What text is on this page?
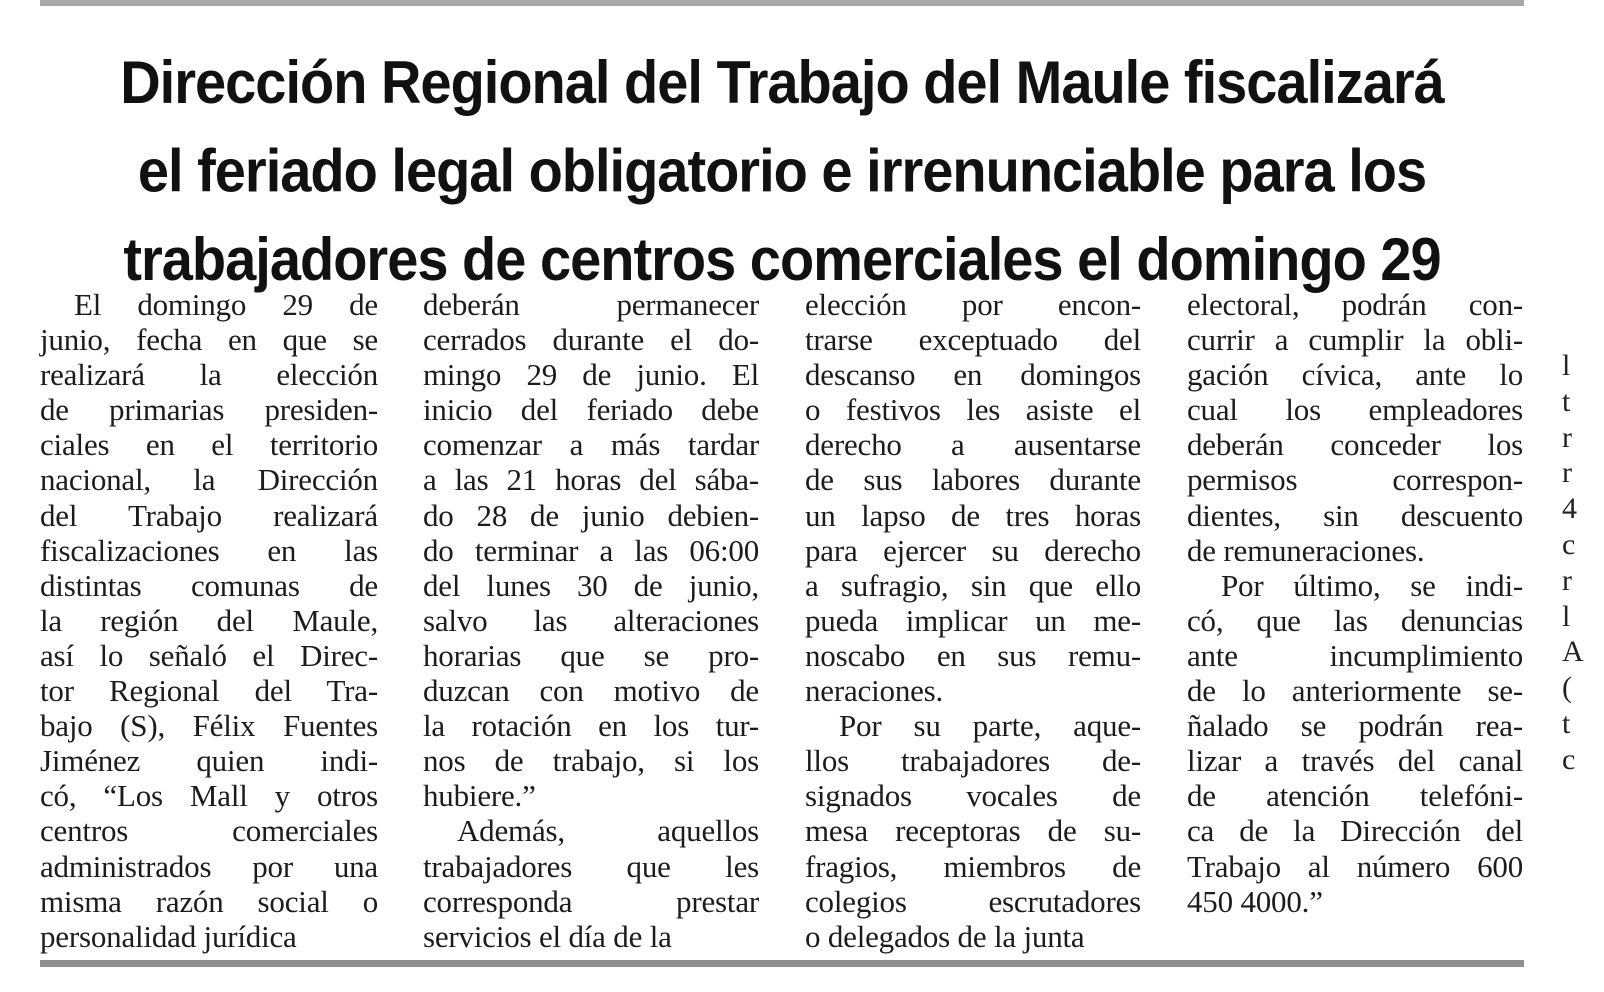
Dirección Regional del Trabajo del Maule fiscalizará
el feriado legal obligatorio e irrenunciable para los
trabajadores de centros comerciales el domingo 29
El domingo 29 de
junio, fecha en que se
realizará la elección
de primarias presiden-
ciales en el territorio
nacional, la Dirección
del Trabajo realizará
fiscalizaciones en las
distintas comunas de
la región del Maule,
así lo señaló el Direc-
tor Regional del Tra-
bajo (S), Félix Fuentes
Jiménez quien indi-
có, “Los Mall y otros
centros comerciales
administrados por una
misma razón social o
personalidad jurídica
deberán permanecer
cerrados durante el do-
mingo 29 de junio. El
inicio del feriado debe
comenzar a más tardar
a las 21 horas del sába-
do 28 de junio debien-
do terminar a las 06:00
del lunes 30 de junio,
salvo las alteraciones
horarias que se pro-
duzcan con motivo de
la rotación en los tur-
nos de trabajo, si los
hubiere.”
Además, aquellos
trabajadores que les
corresponda prestar
servicios el día de la
elección por encon-
trarse exceptuado del
descanso en domingos
o festivos les asiste el
derecho a ausentarse
de sus labores durante
un lapso de tres horas
para ejercer su derecho
a sufragio, sin que ello
pueda implicar un me-
noscabo en sus remu-
neraciones.
Por su parte, aque-
llos trabajadores de-
signados vocales de
mesa receptoras de su-
fragios, miembros de
colegios escrutadores
o delegados de la junta
electoral, podrán con-
currir a cumplir la obli-
gación cívica, ante lo
cual los empleadores
deberán conceder los
permisos correspon-
dientes, sin descuento
de remuneraciones.
Por último, se indi-
có, que las denuncias
ante incumplimiento
de lo anteriormente se-
ñalado se podrán rea-
lizar a través del canal
de atención telefóni-
ca de la Dirección del
Trabajo al número 600
450 4000.”
l
t
r
r
4
c
r
l
A
(
t
c
